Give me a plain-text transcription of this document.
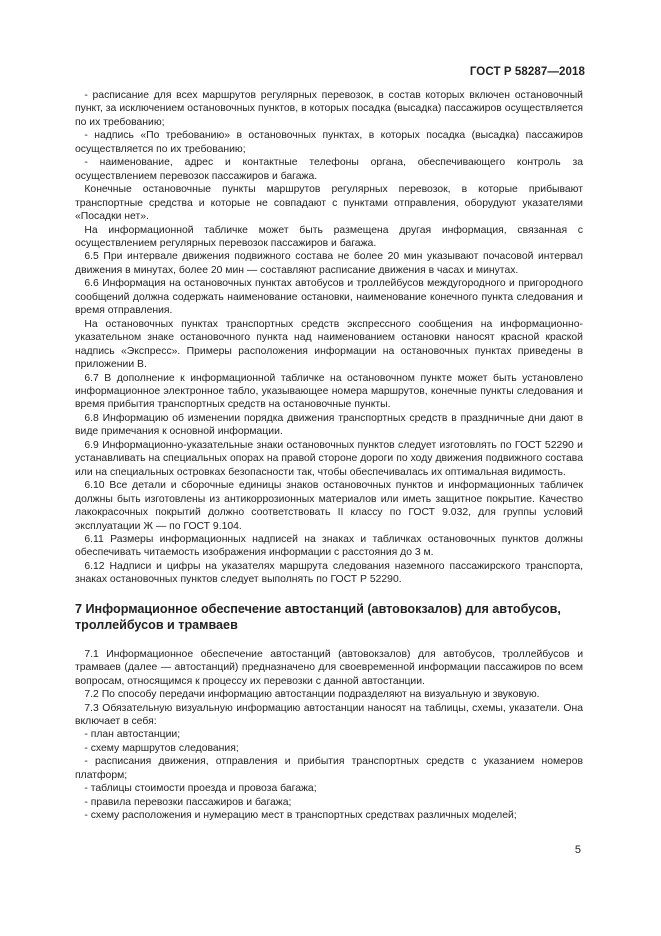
ГОСТ Р 58287—2018

- расписание для всех маршрутов регулярных перевозок, в состав которых включен остановочный пункт, за исключением остановочных пунктов, в которых посадка (высадка) пассажиров осуществляется по их требованию;

- надпись «По требованию» в остановочных пунктах, в которых посадка (высадка) пассажиров осуществляется по их требованию;

- наименование, адрес и контактные телефоны органа, обеспечивающего контроль за осуществлением перевозок пассажиров и багажа.

Конечные остановочные пункты маршрутов регулярных перевозок, в которые прибывают транспортные средства и которые не совпадают с пунктами отправления, оборудуют указателями «Посадки нет».

На информационной табличке может быть размещена другая информация, связанная с осуществлением регулярных перевозок пассажиров и багажа.

6.5 При интервале движения подвижного состава не более 20 мин указывают почасовой интервал движения в минутах, более 20 мин — составляют расписание движения в часах и минутах.

6.6 Информация на остановочных пунктах автобусов и троллейбусов междугородного и пригородного сообщений должна содержать наименование остановки, наименование конечного пункта следования и время отправления.

На остановочных пунктах транспортных средств экспрессного сообщения на информационно-указательном знаке остановочного пункта над наименованием остановки наносят красной краской надпись «Экспресс». Примеры расположения информации на остановочных пунктах приведены в приложении В.

6.7 В дополнение к информационной табличке на остановочном пункте может быть установлено информационное электронное табло, указывающее номера маршрутов, конечные пункты следования и время прибытия транспортных средств на остановочные пункты.

6.8 Информацию об изменении порядка движения транспортных средств в праздничные дни дают в виде примечания к основной информации.

6.9 Информационно-указательные знаки остановочных пунктов следует изготовлять по ГОСТ 52290 и устанавливать на специальных опорах на правой стороне дороги по ходу движения подвижного состава или на специальных островках безопасности так, чтобы обеспечивалась их оптимальная видимость.

6.10 Все детали и сборочные единицы знаков остановочных пунктов и информационных табличек должны быть изготовлены из антикоррозионных материалов или иметь защитное покрытие. Качество лакокрасочных покрытий должно соответствовать II классу по ГОСТ 9.032, для группы условий эксплуатации Ж — по ГОСТ 9.104.

6.11 Размеры информационных надписей на знаках и табличках остановочных пунктов должны обеспечивать читаемость изображения информации с расстояния до 3 м.

6.12 Надписи и цифры на указателях маршрута следования наземного пассажирского транспорта, знаках остановочных пунктов следует выполнять по ГОСТ Р 52290.

7 Информационное обеспечение автостанций (автовокзалов) для автобусов, троллейбусов и трамваев

7.1 Информационное обеспечение автостанций (автовокзалов) для автобусов, троллейбусов и трамваев (далее — автостанций) предназначено для своевременной информации пассажиров по всем вопросам, относящимся к процессу их перевозки с данной автостанции.

7.2 По способу передачи информацию автостанции подразделяют на визуальную и звуковую.

7.3 Обязательную визуальную информацию автостанции наносят на таблицы, схемы, указатели. Она включает в себя:

- план автостанции;

- схему маршрутов следования;

- расписания движения, отправления и прибытия транспортных средств с указанием номеров платформ;

- таблицы стоимости проезда и провоза багажа;

- правила перевозки пассажиров и багажа;

- схему расположения и нумерацию мест в транспортных средствах различных моделей;

5
